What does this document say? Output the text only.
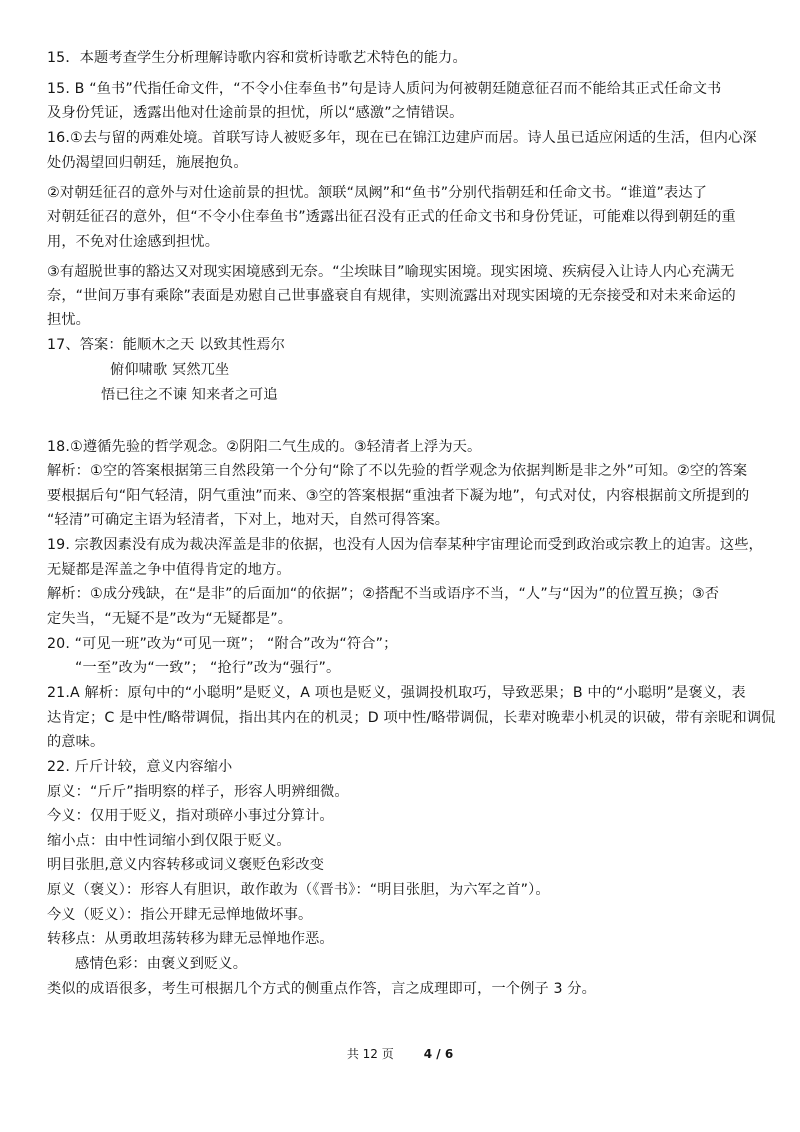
15．本题考查学生分析理解诗歌内容和赏析诗歌艺术特色的能力。
15. B “鱼书”代指任命文件，“不令小住奉鱼书”句是诗人质问为何被朝廷随意征召而不能给其正式任命文书
及身份凭证，透露出他对仕途前景的担忧，所以“感激”之情错误。
16.①去与留的两难处境。首联写诗人被贬多年，现在已在锦江边建庐而居。诗人虽已适应闲适的生活，但内心深
处仍渴望回归朝廷，施展抱负。
②对朝廷征召的意外与对仕途前景的担忧。颔联“凤阙”和“鱼书”分别代指朝廷和任命文书。“谁道”表达了
对朝廷征召的意外，但“不令小住奉鱼书”透露出征召没有正式的任命文书和身份凭证，可能难以得到朝廷的重
用，不免对仕途感到担忧。
③有超脱世事的豁达又对现实困境感到无奈。“尘埃昧目”喻现实困境。现实困境、疾病侵入让诗人内心充满无
奈，“世间万事有乘除”表面是劝慰自己世事盛衰自有规律，实则流露出对现实困境的无奈接受和对未来命运的
担忧。
17、答案：能顺木之天 以致其性焉尔
俯仰啸歌 冥然兀坐
悟已往之不谏 知来者之可追
18.①遵循先验的哲学观念。②阴阳二气生成的。③轻清者上浮为天。
解析：①空的答案根据第三自然段第一个分句“除了不以先验的哲学观念为依据判断是非之外”可知。②空的答案
要根据后句“阳气轻清，阴气重浊”而来、③空的答案根据“重浊者下凝为地”，句式对仗，内容根据前文所提到的
“轻清”可确定主语为轻清者，下对上，地对天，自然可得答案。
19. 宗教因素没有成为裁决浑盖是非的依据，也没有人因为信奉某种宇宙理论而受到政治或宗教上的迫害。这些，
无疑都是浑盖之争中值得肯定的地方。
解析：①成分残缺，在“是非”的后面加“的依据”；②搭配不当或语序不当，“人”与“因为”的位置互换；③否
定失当，“无疑不是”改为“无疑都是”。
20. “可见一班”改为“可见一斑”； “附合”改为“符合”；
“一至”改为“一致”； “抢行”改为“强行”。
21.A 解析：原句中的“小聪明”是贬义，A 项也是贬义，强调投机取巧，导致恶果；B 中的“小聪明”是褒义，表
达肯定；C 是中性/略带调侃，指出其内在的机灵；D 项中性/略带调侃，长辈对晚辈小机灵的识破，带有亲昵和调侃
的意味。
22. 斤斤计较，意义内容缩小
原义：“斤斤”指明察的样子，形容人明辨细微。
今义：仅用于贬义，指对琐碎小事过分算计。
缩小点：由中性词缩小到仅限于贬义。
明目张胆,意义内容转移或词义褒贬色彩改变
原义（褒义）：形容人有胆识，敢作敢为（《晋书》：“明目张胆，为六军之首”）。
今义（贬义）：指公开肆无忌惮地做坏事。
转移点：从勇敢坦荡转移为肆无忌惮地作恶。
感情色彩：由褒义到贬义。
类似的成语很多，考生可根据几个方式的侧重点作答，言之成理即可，一个例子 3 分。
共 12 页	4 / 6
